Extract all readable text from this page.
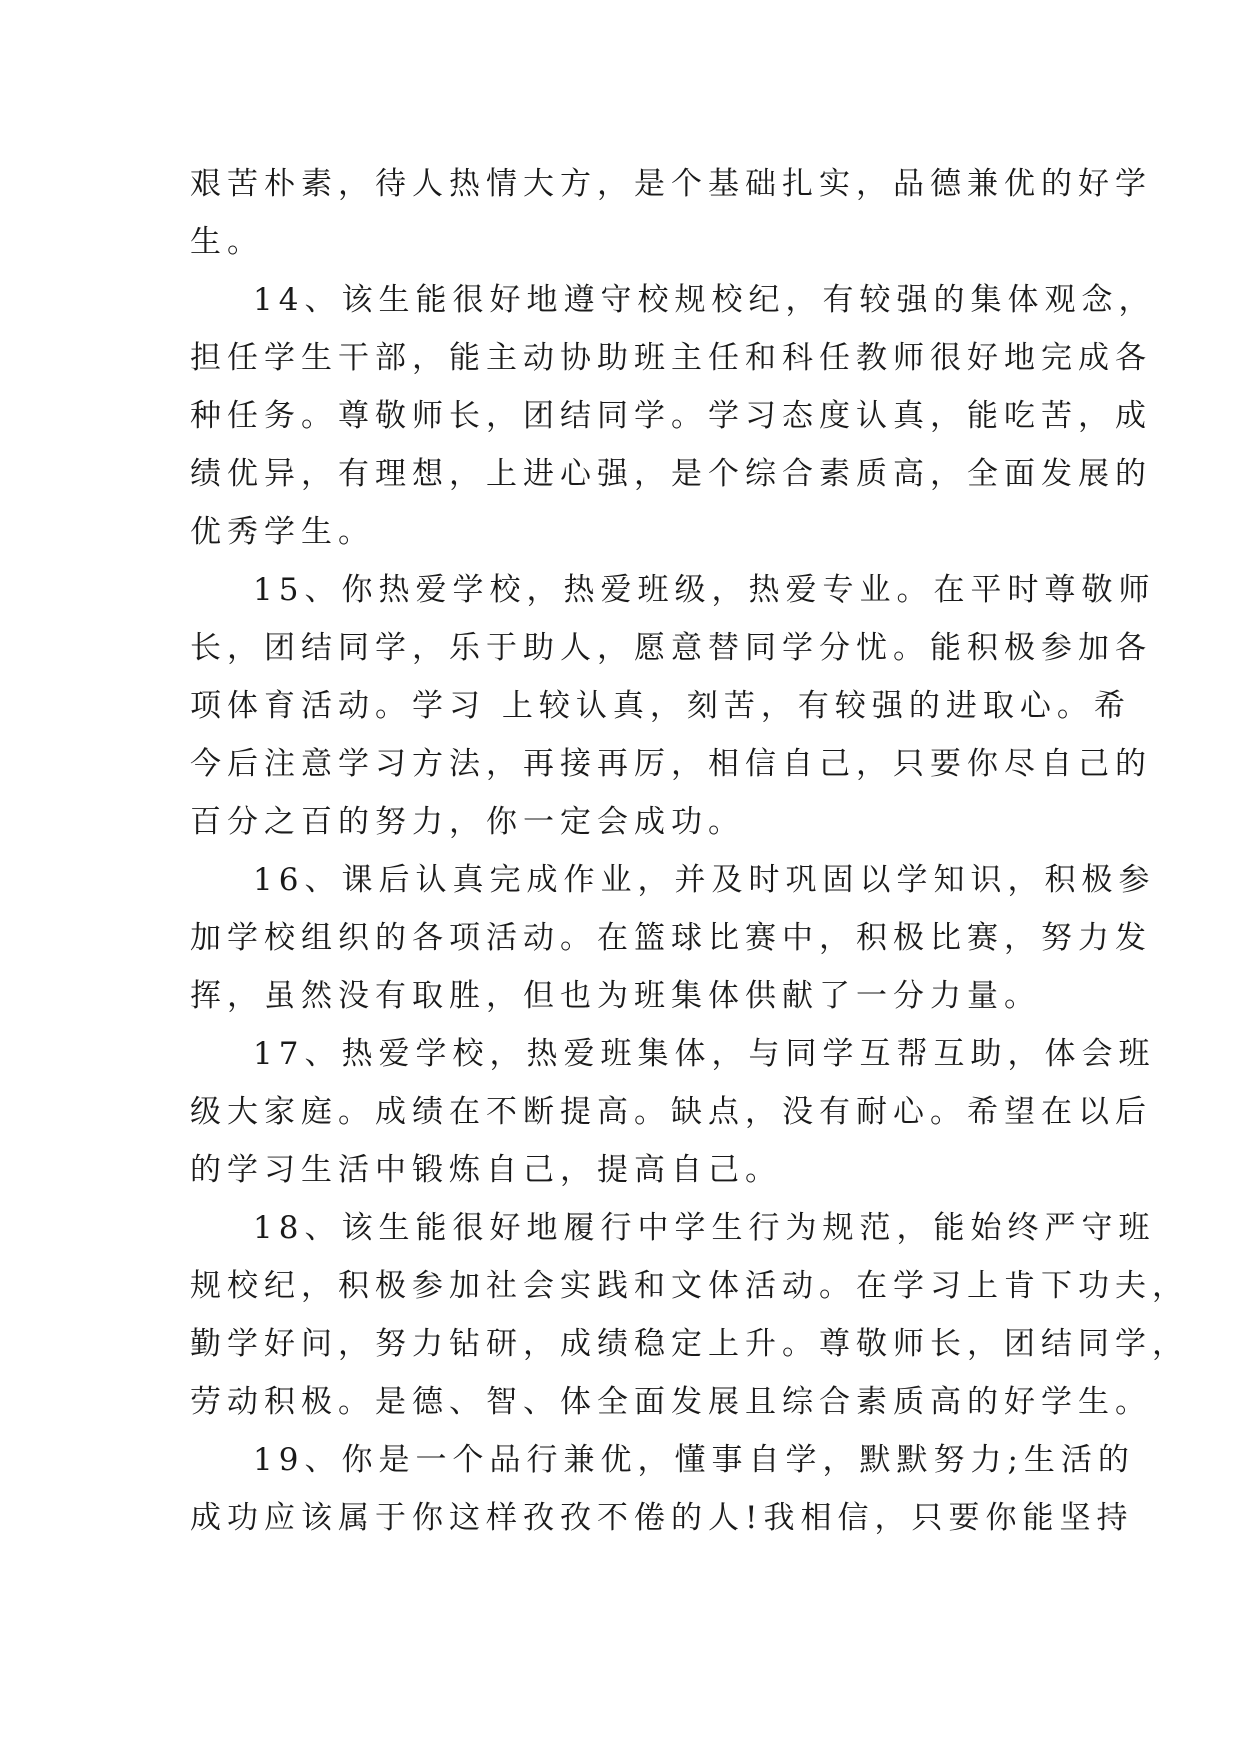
艰苦朴素，待人热情大方，是个基础扎实，品德兼优的好学
生。
14、该生能很好地遵守校规校纪，有较强的集体观念，
担任学生干部，能主动协助班主任和科任教师很好地完成各
种任务。尊敬师长，团结同学。学习态度认真，能吃苦，成
绩优异，有理想，上进心强，是个综合素质高，全面发展的
优秀学生。
15、你热爱学校，热爱班级，热爱专业。在平时尊敬师
长，团结同学，乐于助人，愿意替同学分忧。能积极参加各
项体育活动。学习 上较认真，刻苦，有较强的进取心。希
今后注意学习方法，再接再厉，相信自己，只要你尽自己的
百分之百的努力，你一定会成功。
16、课后认真完成作业，并及时巩固以学知识，积极参
加学校组织的各项活动。在篮球比赛中，积极比赛，努力发
挥，虽然没有取胜，但也为班集体供献了一分力量。
17、热爱学校，热爱班集体，与同学互帮互助，体会班
级大家庭。成绩在不断提高。缺点，没有耐心。希望在以后
的学习生活中锻炼自己，提高自己。
18、该生能很好地履行中学生行为规范，能始终严守班
规校纪，积极参加社会实践和文体活动。在学习上肯下功夫，
勤学好问，努力钻研，成绩稳定上升。尊敬师长，团结同学，
劳动积极。是德、智、体全面发展且综合素质高的好学生。
19、你是一个品行兼优，懂事自学，默默努力;生活的
成功应该属于你这样孜孜不倦的人!我相信，只要你能坚持
